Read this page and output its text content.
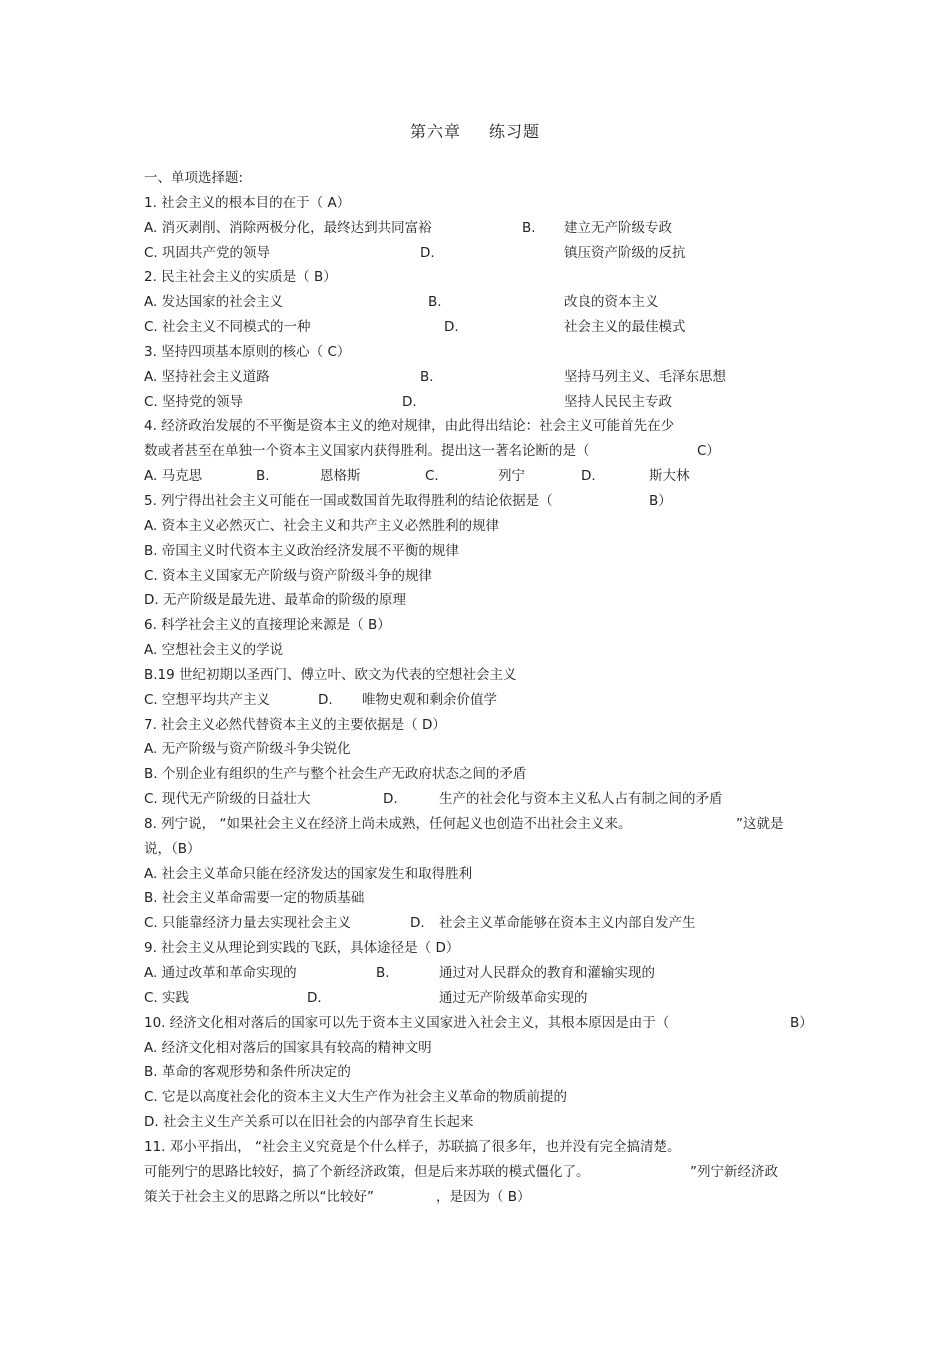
第六章 练习题
一、单项选择题:
1. 社会主义的根本目的在于（ A）
A. 消灭剥削、消除两极分化，最终达到共同富裕	B. 建立无产阶级专政
C. 巩固共产党的领导	D.	镇压资产阶级的反抗
2. 民主社会主义的实质是（ B）
A. 发达国家的社会主义	B.	改良的资本主义
C. 社会主义不同模式的一种	D.	社会主义的最佳模式
3. 坚持四项基本原则的核心（ C）
A. 坚持社会主义道路	B.	坚持马列主义、毛泽东思想
C. 坚持党的领导	D.	坚持人民民主专政
4. 经济政治发展的不平衡是资本主义的绝对规律，由此得出结论：社会主义可能首先在少
数或者甚至在单独一个资本主义国家内获得胜利。提出这一著名论断的是（	C）
A. 马克思	B.	恩格斯	C.	列宁	D.	斯大林
5. 列宁得出社会主义可能在一国或数国首先取得胜利的结论依据是（	B）
A. 资本主义必然灭亡、社会主义和共产主义必然胜利的规律
B. 帝国主义时代资本主义政治经济发展不平衡的规律
C. 资本主义国家无产阶级与资产阶级斗争的规律
D. 无产阶级是最先进、最革命的阶级的原理
6. 科学社会主义的直接理论来源是（ B）
A. 空想社会主义的学说
B.19 世纪初期以圣西门、傅立叶、欧文为代表的空想社会主义
C. 空想平均共产主义	D. 唯物史观和剩余价值学
7. 社会主义必然代替资本主义的主要依据是（ D）
A. 无产阶级与资产阶级斗争尖锐化
B. 个别企业有组织的生产与整个社会生产无政府状态之间的矛盾
C. 现代无产阶级的日益壮大	D.	生产的社会化与资本主义私人占有制之间的矛盾
8. 列宁说， “如果社会主义在经济上尚未成熟，任何起义也创造不出社会主义来。	”这就是
说，（B）
A. 社会主义革命只能在经济发达的国家发生和取得胜利
B. 社会主义革命需要一定的物质基础
C. 只能靠经济力量去实现社会主义	D. 社会主义革命能够在资本主义内部自发产生
9. 社会主义从理论到实践的飞跃，具体途径是（ D）
A. 通过改革和革命实现的	B.	通过对人民群众的教育和灌输实现的
C. 实践	D.	通过无产阶级革命实现的
10. 经济文化相对落后的国家可以先于资本主义国家进入社会主义，其根本原因是由于（	B）
A. 经济文化相对落后的国家具有较高的精神文明
B. 革命的客观形势和条件所决定的
C. 它是以高度社会化的资本主义大生产作为社会主义革命的物质前提的
D. 社会主义生产关系可以在旧社会的内部孕育生长起来
11. 邓小平指出， “社会主义究竟是个什么样子，苏联搞了很多年，也并没有完全搞清楚。
可能列宁的思路比较好，搞了个新经济政策，但是后来苏联的模式僵化了。	”列宁新经济政
策关于社会主义的思路之所以“比较好”	，是因为（ B）
